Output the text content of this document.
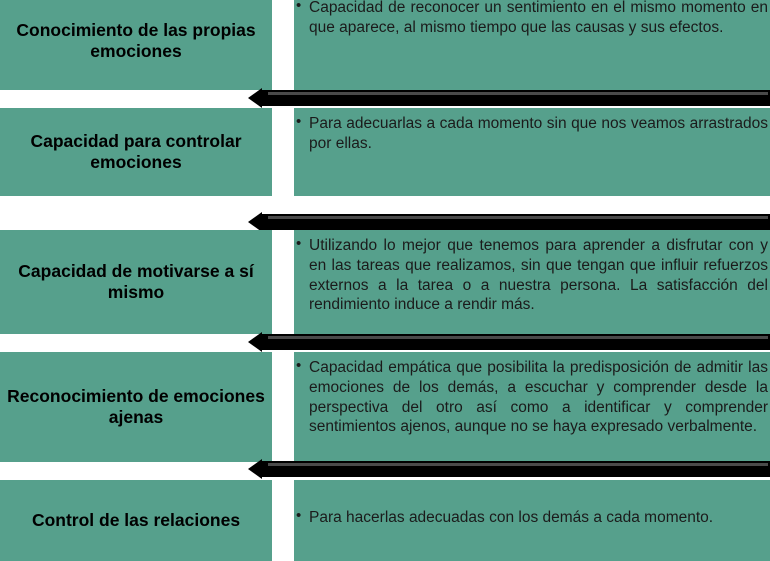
Conocimiento de las propias emociones
• Capacidad de reconocer un sentimiento en el mismo momento en que aparece, al mismo tiempo que las causas y sus efectos.
Capacidad para controlar emociones
• Para adecuarlas a cada momento sin que nos veamos arrastrados por ellas.
Capacidad de motivarse a sí mismo
• Utilizando lo mejor que tenemos para aprender a disfrutar con y en las tareas que realizamos, sin que tengan que influir refuerzos externos a la tarea o a nuestra persona. La satisfacción del rendimiento induce a rendir más.
Reconocimiento de emociones ajenas
• Capacidad empática que posibilita la predisposición de admitir las emociones de los demás, a escuchar y comprender desde la perspectiva del otro así como a identificar y comprender sentimientos ajenos, aunque no se haya expresado verbalmente.
Control de las relaciones	• Para hacerlas adecuadas con los demás a cada momento.
